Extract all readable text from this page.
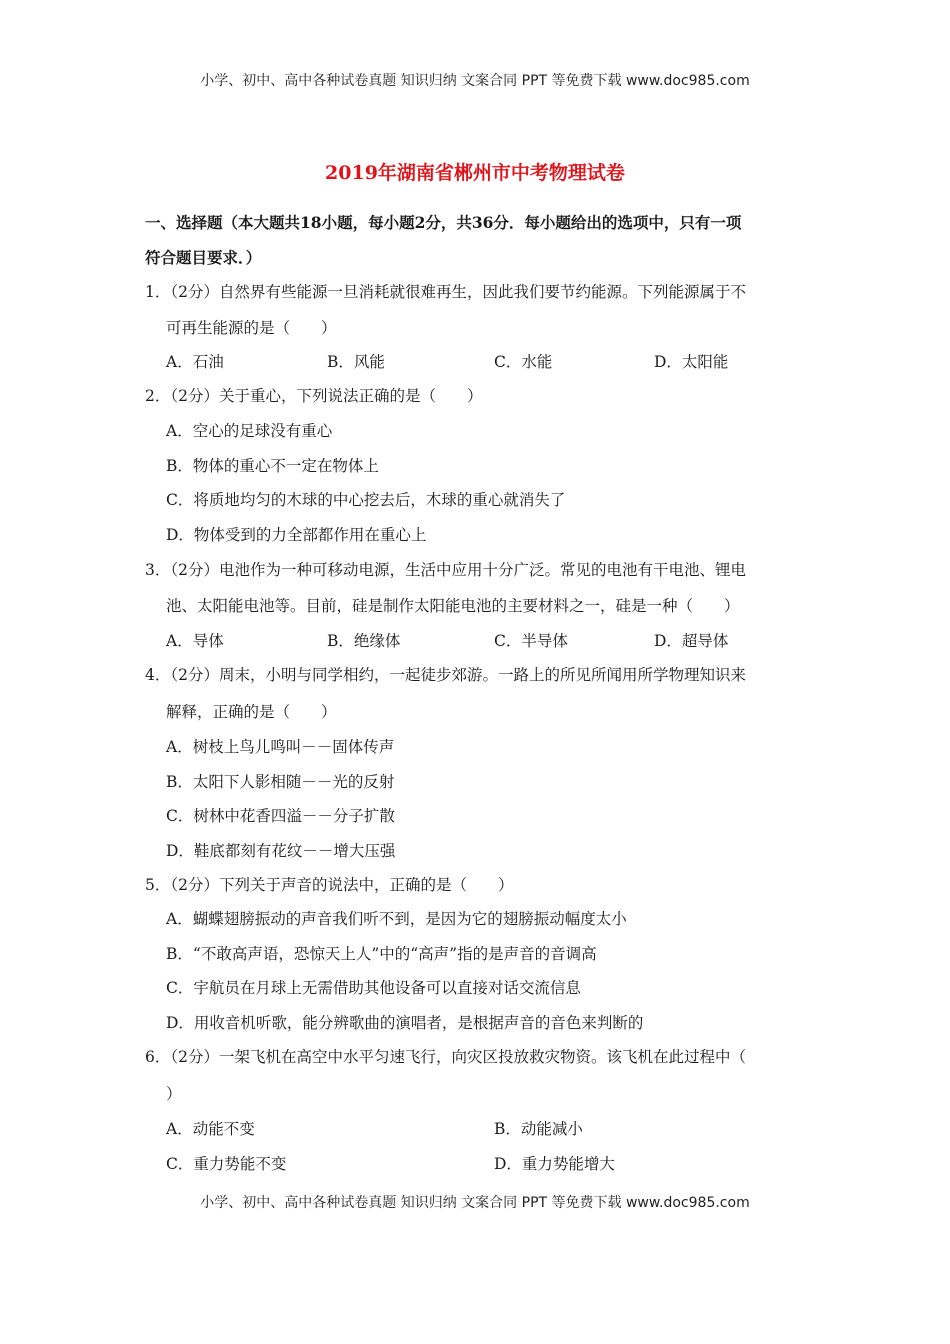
小学、初中、高中各种试卷真题 知识归纳 文案合同 PPT 等免费下载 www.doc985.com
2019年湖南省郴州市中考物理试卷
一、选择题（本大题共18小题，每小题2分，共36分．每小题给出的选项中，只有一项
符合题目要求．）
1．（2分）自然界有些能源一旦消耗就很难再生，因此我们要节约能源。下列能源属于不
可再生能源的是（　　）
A．石油	B．风能	C．水能	D．太阳能
2．（2分）关于重心，下列说法正确的是（　　）
A．空心的足球没有重心
B．物体的重心不一定在物体上
C．将质地均匀的木球的中心挖去后，木球的重心就消失了
D．物体受到的力全部都作用在重心上
3．（2分）电池作为一种可移动电源，生活中应用十分广泛。常见的电池有干电池、锂电
池、太阳能电池等。目前，硅是制作太阳能电池的主要材料之一，硅是一种（　　）
A．导体	B．绝缘体	C．半导体	D．超导体
4．（2分）周末，小明与同学相约，一起徒步郊游。一路上的所见所闻用所学物理知识来
解释，正确的是（　　）
A．树枝上鸟儿鸣叫－－固体传声
B．太阳下人影相随－－光的反射
C．树林中花香四溢－－分子扩散
D．鞋底都刻有花纹－－增大压强
5．（2分）下列关于声音的说法中，正确的是（　　）
A．蝴蝶翅膀振动的声音我们听不到，是因为它的翅膀振动幅度太小
B．“不敢高声语，恐惊天上人”中的“高声”指的是声音的音调高
C．宇航员在月球上无需借助其他设备可以直接对话交流信息
D．用收音机听歌，能分辨歌曲的演唱者，是根据声音的音色来判断的
6．（2分）一架飞机在高空中水平匀速飞行，向灾区投放救灾物资。该飞机在此过程中（
）
A．动能不变	B．动能减小
C．重力势能不变	D．重力势能增大
小学、初中、高中各种试卷真题 知识归纳 文案合同 PPT 等免费下载 www.doc985.com
